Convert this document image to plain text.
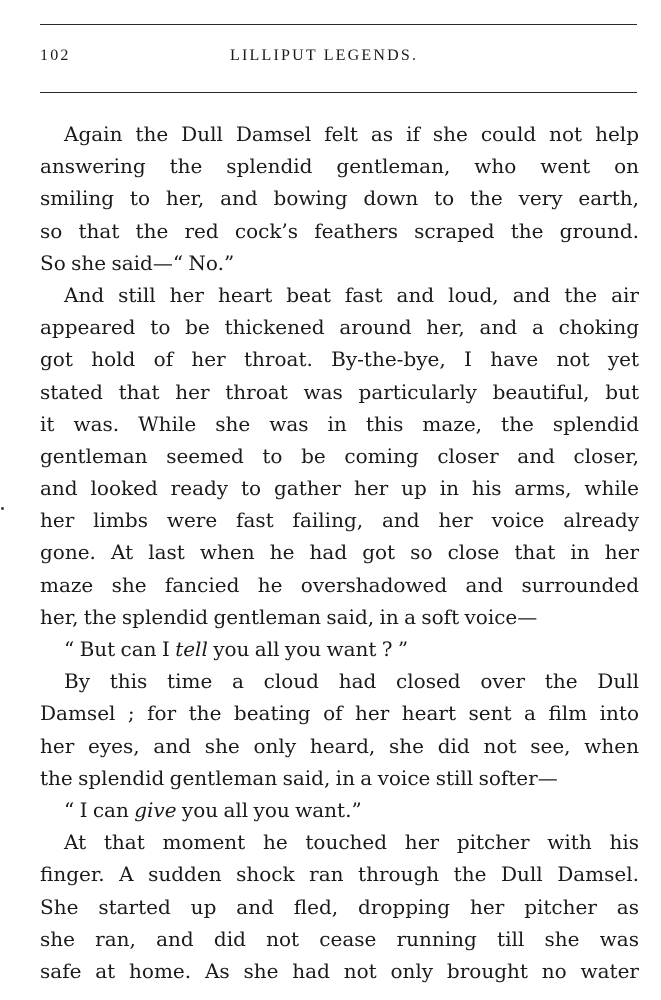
102	LILLIPUT LEGENDS.
Again the Dull Damsel felt as if she could not help
answering the splendid gentleman, who went on
smiling to her, and bowing down to the very earth,
so that the red cock’s feathers scraped the ground.
So she said—“ No.”
And still her heart beat fast and loud, and the air
appeared to be thickened around her, and a choking
got hold of her throat. By-the-bye, I have not yet
stated that her throat was particularly beautiful, but
it was. While she was in this maze, the splendid
gentleman seemed to be coming closer and closer,
and looked ready to gather her up in his arms, while
her limbs were fast failing, and her voice already
gone. At last when he had got so close that in her
maze she fancied he overshadowed and surrounded
her, the splendid gentleman said, in a soft voice—
“ But can I tell you all you want ? ”
By this time a cloud had closed over the Dull
Damsel ; for the beating of her heart sent a film into
her eyes, and she only heard, she did not see, when
the splendid gentleman said, in a voice still softer—
“ I can give you all you want.”
At that moment he touched her pitcher with his
finger. A sudden shock ran through the Dull Damsel.
She started up and fled, dropping her pitcher as
she ran, and did not cease running till she was
safe at home. As she had not only brought no water
